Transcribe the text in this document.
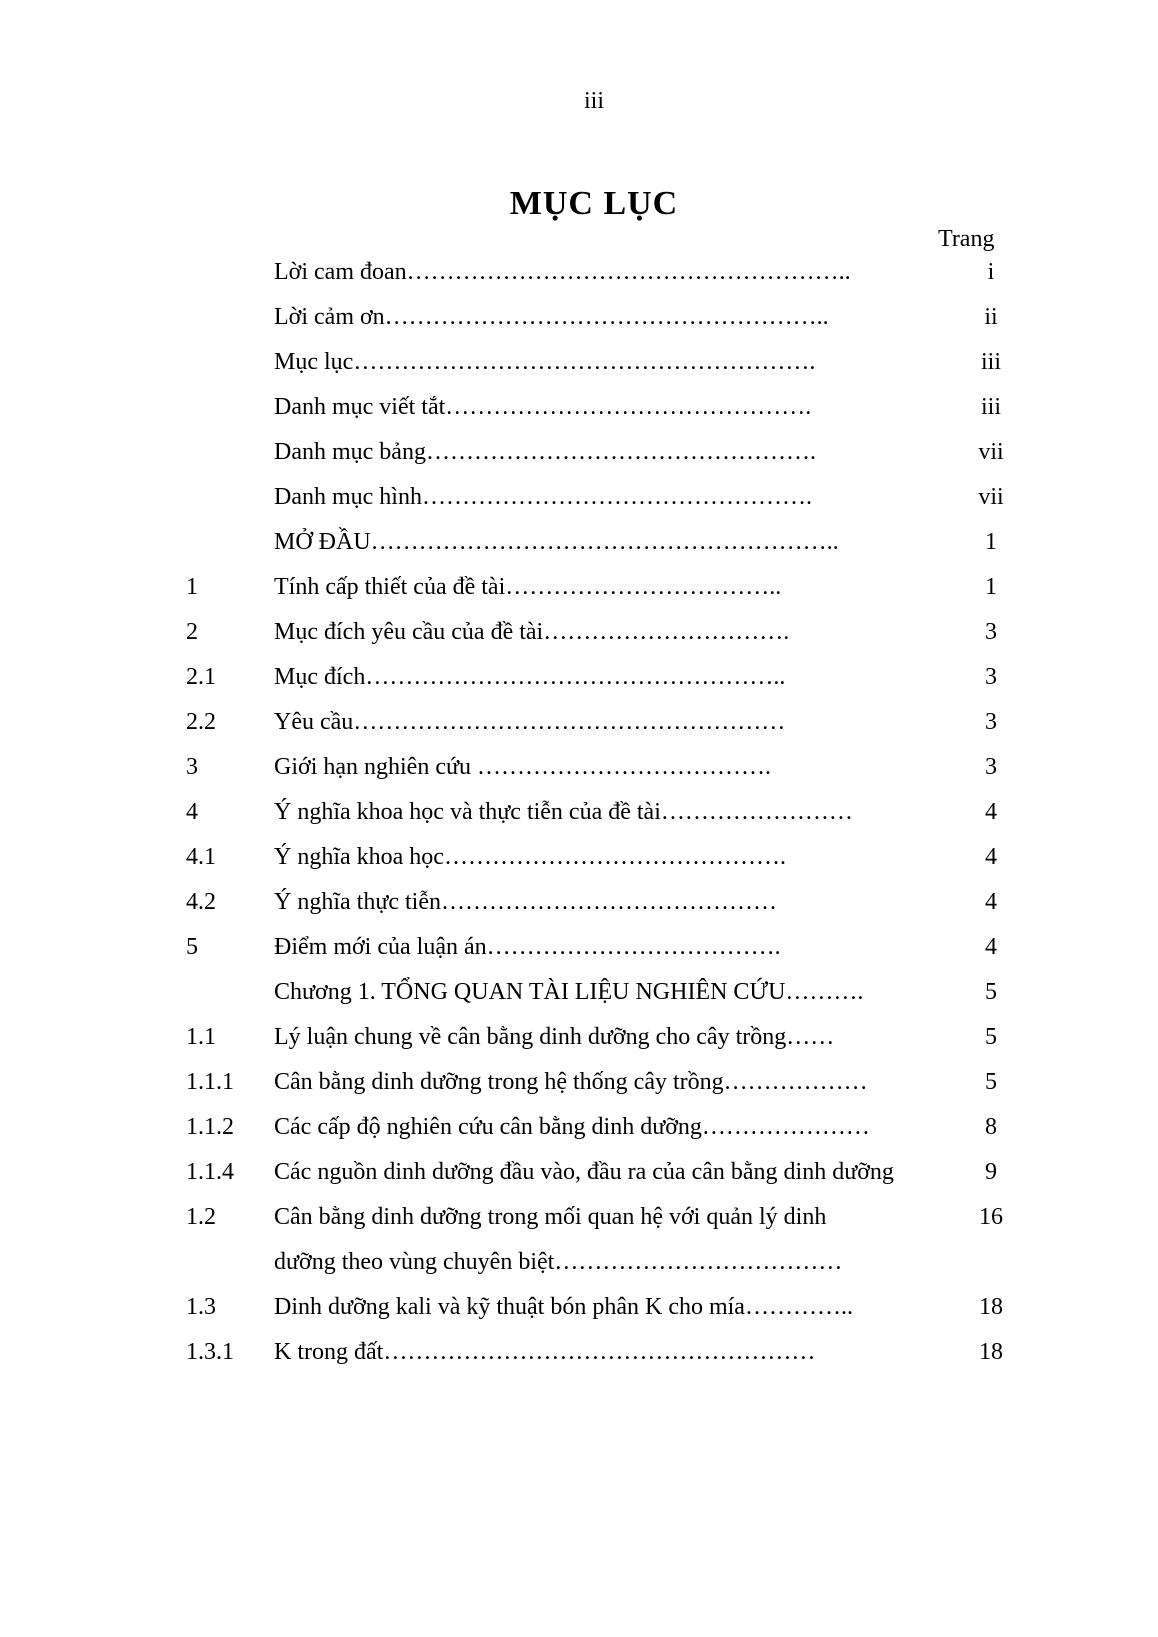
iii
MỤC LỤC
Trang
Lời cam đoan………………………………………………..	i
Lời cảm ơn………………………………………………..	ii
Mục lục………………………………………………….	iii
Danh mục viết tắt……………………………………….	iii
Danh mục bảng………………………………………….	vii
Danh mục hình………………………………………….	vii
MỞ ĐẦU…………………………………………………..	1
1	Tính cấp thiết của đề tài……………………………..	1
2	Mục đích yêu cầu của đề tài………………………….	3
2.1 Mục đích……………………………………………..	3
2.2 Yêu cầu………………………………………………	3
3	Giới hạn nghiên cứu ……………………………….	3
4	Ý nghĩa khoa học và thực tiễn của đề tài……………………	4
4.1 Ý nghĩa khoa học…………………………………….	4
4.2 Ý nghĩa thực tiễn……………………………………	4
5	Điểm mới của luận án……………………………….	4
Chương 1. TỔNG QUAN TÀI LIỆU NGHIÊN CỨU……….	5
1.1 Lý luận chung về cân bằng dinh dưỡng cho cây trồng……	5
1.1.1 Cân bằng dinh dưỡng trong hệ thống cây trồng………………	5
1.1.2 Các cấp độ nghiên cứu cân bằng dinh dưỡng…………………	8
1.1.4 Các nguồn dinh dưỡng đầu vào, đầu ra của cân bằng dinh dưỡng	9
1.2 Cân bằng dinh dưỡng trong mối quan hệ với quản lý dinh	16
dưỡng theo vùng chuyên biệt………………………………
1.3 Dinh dưỡng kali và kỹ thuật bón phân K cho mía…………..	18
1.3.1 K trong đất………………………………………………	18
